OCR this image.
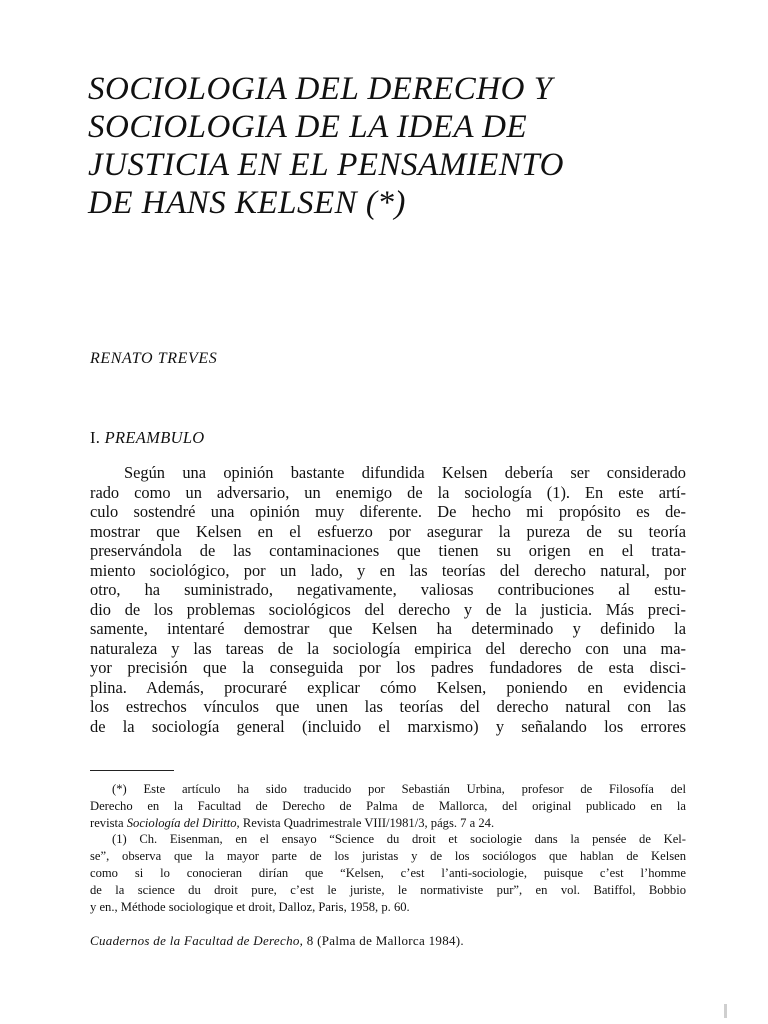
SOCIOLOGIA DEL DERECHO Y
SOCIOLOGIA DE LA IDEA DE
JUSTICIA EN EL PENSAMIENTO
DE HANS KELSEN (*)
RENATO TREVES
I. PREAMBULO
Según una opinión bastante difundida Kelsen debería ser considerado
rado como un adversario, un enemigo de la sociología (1). En este artí-
culo sostendré una opinión muy diferente. De hecho mi propósito es de-
mostrar que Kelsen en el esfuerzo por asegurar la pureza de su teoría
preservándola de las contaminaciones que tienen su origen en el trata-
miento sociológico, por un lado, y en las teorías del derecho natural, por
otro, ha suministrado, negativamente, valiosas contribuciones al estu-
dio de los problemas sociológicos del derecho y de la justicia. Más preci-
samente, intentaré demostrar que Kelsen ha determinado y definido la
naturaleza y las tareas de la sociología empirica del derecho con una ma-
yor precisión que la conseguida por los padres fundadores de esta disci-
plina. Además, procuraré explicar cómo Kelsen, poniendo en evidencia
los estrechos vínculos que unen las teorías del derecho natural con las
de la sociología general (incluido el marxismo) y señalando los errores
(*) Este artículo ha sido traducido por Sebastián Urbina, profesor de Filosofía del
Derecho en la Facultad de Derecho de Palma de Mallorca, del original publicado en la
revista Sociología del Diritto, Revista Quadrimestrale VIII/1981/3, págs. 7 a 24.
(1) Ch. Eisenman, en el ensayo “Science du droit et sociologie dans la pensée de Kel-
se”, observa que la mayor parte de los juristas y de los sociólogos que hablan de Kelsen
como si lo conocieran dirían que “Kelsen, c’est l’anti-sociologie, puisque c’est l’homme
de la science du droit pure, c’est le juriste, le normativiste pur”, en vol. Batiffol, Bobbio
y en., Méthode sociologique et droit, Dalloz, Paris, 1958, p. 60.
Cuadernos de la Facultad de Derecho, 8 (Palma de Mallorca 1984).
